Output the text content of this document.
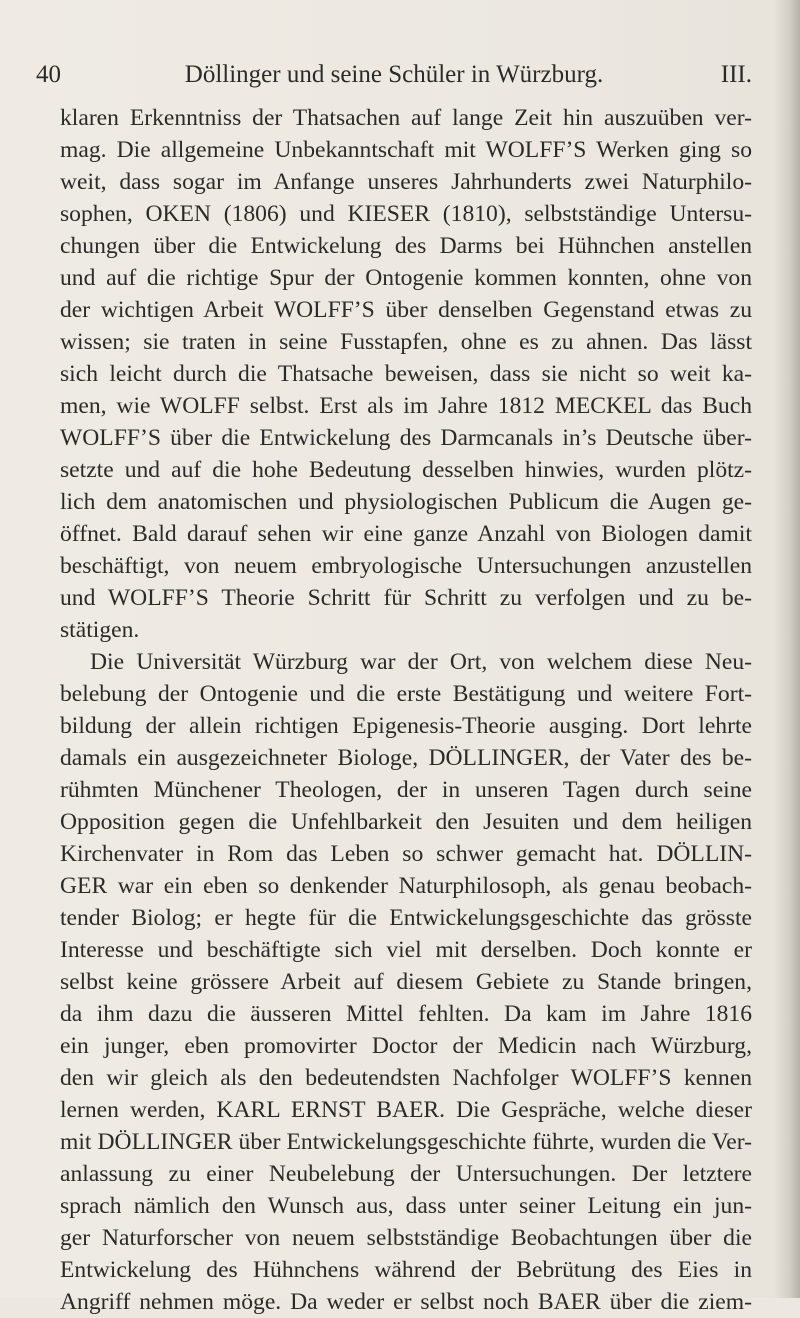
40	Döllinger und seine Schüler in Würzburg.	III.
klaren Erkenntniss der Thatsachen auf lange Zeit hin auszuüben ver-
mag. Die allgemeine Unbekanntschaft mit WOLFF’S Werken ging so
weit, dass sogar im Anfange unseres Jahrhunderts zwei Naturphilo-
sophen, OKEN (1806) und KIESER (1810), selbstständige Untersu-
chungen über die Entwickelung des Darms bei Hühnchen anstellen
und auf die richtige Spur der Ontogenie kommen konnten, ohne von
der wichtigen Arbeit WOLFF’S über denselben Gegenstand etwas zu
wissen; sie traten in seine Fusstapfen, ohne es zu ahnen. Das lässt
sich leicht durch die Thatsache beweisen, dass sie nicht so weit ka-
men, wie WOLFF selbst. Erst als im Jahre 1812 MECKEL das Buch
WOLFF’S über die Entwickelung des Darmcanals in’s Deutsche über-
setzte und auf die hohe Bedeutung desselben hinwies, wurden plötz-
lich dem anatomischen und physiologischen Publicum die Augen ge-
öffnet. Bald darauf sehen wir eine ganze Anzahl von Biologen damit
beschäftigt, von neuem embryologische Untersuchungen anzustellen
und WOLFF’S Theorie Schritt für Schritt zu verfolgen und zu be-
stätigen.
Die Universität Würzburg war der Ort, von welchem diese Neu-
belebung der Ontogenie und die erste Bestätigung und weitere Fort-
bildung der allein richtigen Epigenesis-Theorie ausging. Dort lehrte
damals ein ausgezeichneter Biologe, DÖLLINGER, der Vater des be-
rühmten Münchener Theologen, der in unseren Tagen durch seine
Opposition gegen die Unfehlbarkeit den Jesuiten und dem heiligen
Kirchenvater in Rom das Leben so schwer gemacht hat. DÖLLIN-
GER war ein eben so denkender Naturphilosoph, als genau beobach-
tender Biolog; er hegte für die Entwickelungsgeschichte das grösste
Interesse und beschäftigte sich viel mit derselben. Doch konnte er
selbst keine grössere Arbeit auf diesem Gebiete zu Stande bringen,
da ihm dazu die äusseren Mittel fehlten. Da kam im Jahre 1816
ein junger, eben promovirter Doctor der Medicin nach Würzburg,
den wir gleich als den bedeutendsten Nachfolger WOLFF’S kennen
lernen werden, KARL ERNST BAER. Die Gespräche, welche dieser
mit DÖLLINGER über Entwickelungsgeschichte führte, wurden die Ver-
anlassung zu einer Neubelebung der Untersuchungen. Der letztere
sprach nämlich den Wunsch aus, dass unter seiner Leitung ein jun-
ger Naturforscher von neuem selbstständige Beobachtungen über die
Entwickelung des Hühnchens während der Bebrütung des Eies in
Angriff nehmen möge. Da weder er selbst noch BAER über die ziem-
